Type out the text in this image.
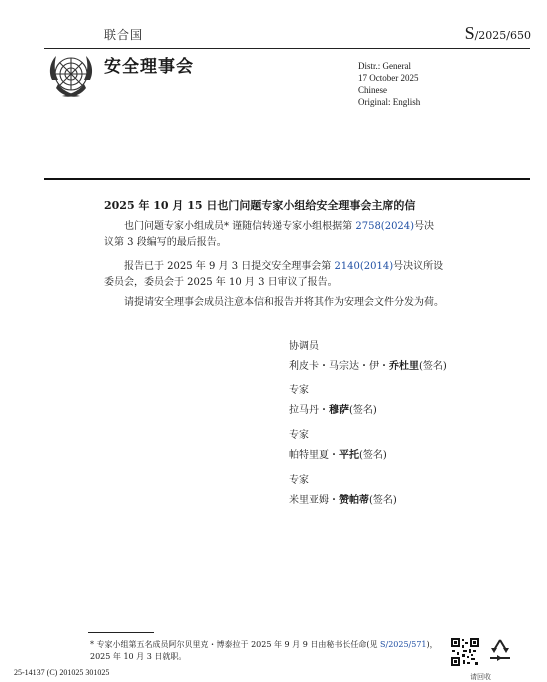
联合国	S/2025/650
安全理事会	Distr.: General
17 October 2025
Chinese
Original: English
2025 年 10 月 15 日也门问题专家小组给安全理事会主席的信
也门问题专家小组成员* 谨随信转递专家小组根据第 2758(2024)号决议第 3 段编写的最后报告。
报告已于 2025 年 9 月 3 日提交安全理事会第 2140(2014)号决议所设委员会，委员会于 2025 年 10 月 3 日审议了报告。
请提请安全理事会成员注意本信和报告并将其作为安理会文件分发为荷。
协调员
利皮卡・马宗达・伊・乔杜里(签名)
专家
拉马丹・穆萨(签名)
专家
帕特里夏・平托(签名)
专家
米里亚姆・赞帕蒂(签名)
* 专家小组第五名成员阿尔贝里克・博泰拉于 2025 年 9 月 9 日由秘书长任命(见 S/2025/571)，2025 年 10 月 3 日就职。
25-14137 (C) 201025 301025	请回收
